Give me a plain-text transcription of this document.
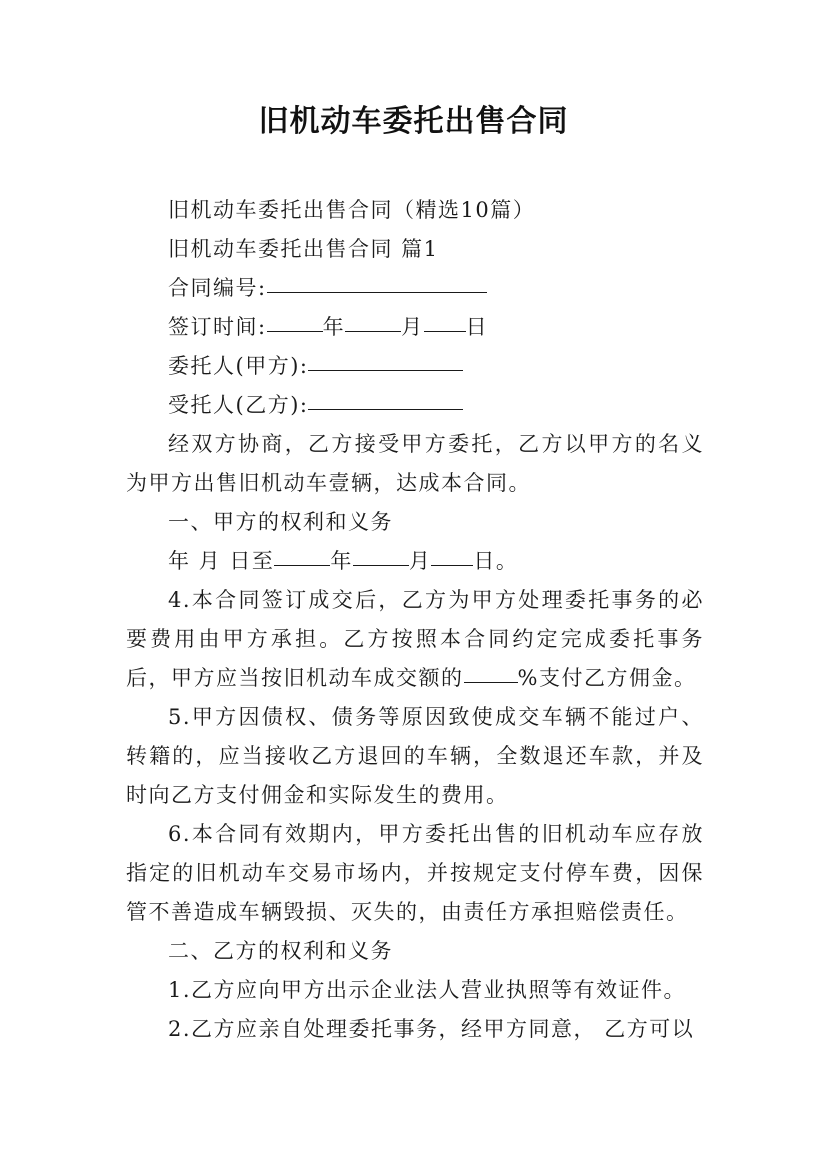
旧机动车委托出售合同

旧机动车委托出售合同（精选10篇）

旧机动车委托出售合同 篇1

合同编号:

签订时间:	年	月 日

委托人(甲方):

受托人(乙方):

经双方协商，乙方接受甲方委托，乙方以甲方的名义为甲方出售旧机动车壹辆，达成本合同。

一、甲方的权利和义务

年 月 日至	年	月 日。

4.本合同签订成交后，乙方为甲方处理委托事务的必要费用由甲方承担。乙方按照本合同约定完成委托事务后，甲方应当按旧机动车成交额的	%支付乙方佣金。

5.甲方因债权、债务等原因致使成交车辆不能过户、转籍的，应当接收乙方退回的车辆，全数退还车款，并及时向乙方支付佣金和实际发生的费用。

6.本合同有效期内，甲方委托出售的旧机动车应存放指定的旧机动车交易市场内，并按规定支付停车费，因保管不善造成车辆毁损、灭失的，由责任方承担赔偿责任。

二、乙方的权利和义务

1.乙方应向甲方出示企业法人营业执照等有效证件。

2.乙方应亲自处理委托事务，经甲方同意， 乙方可以
